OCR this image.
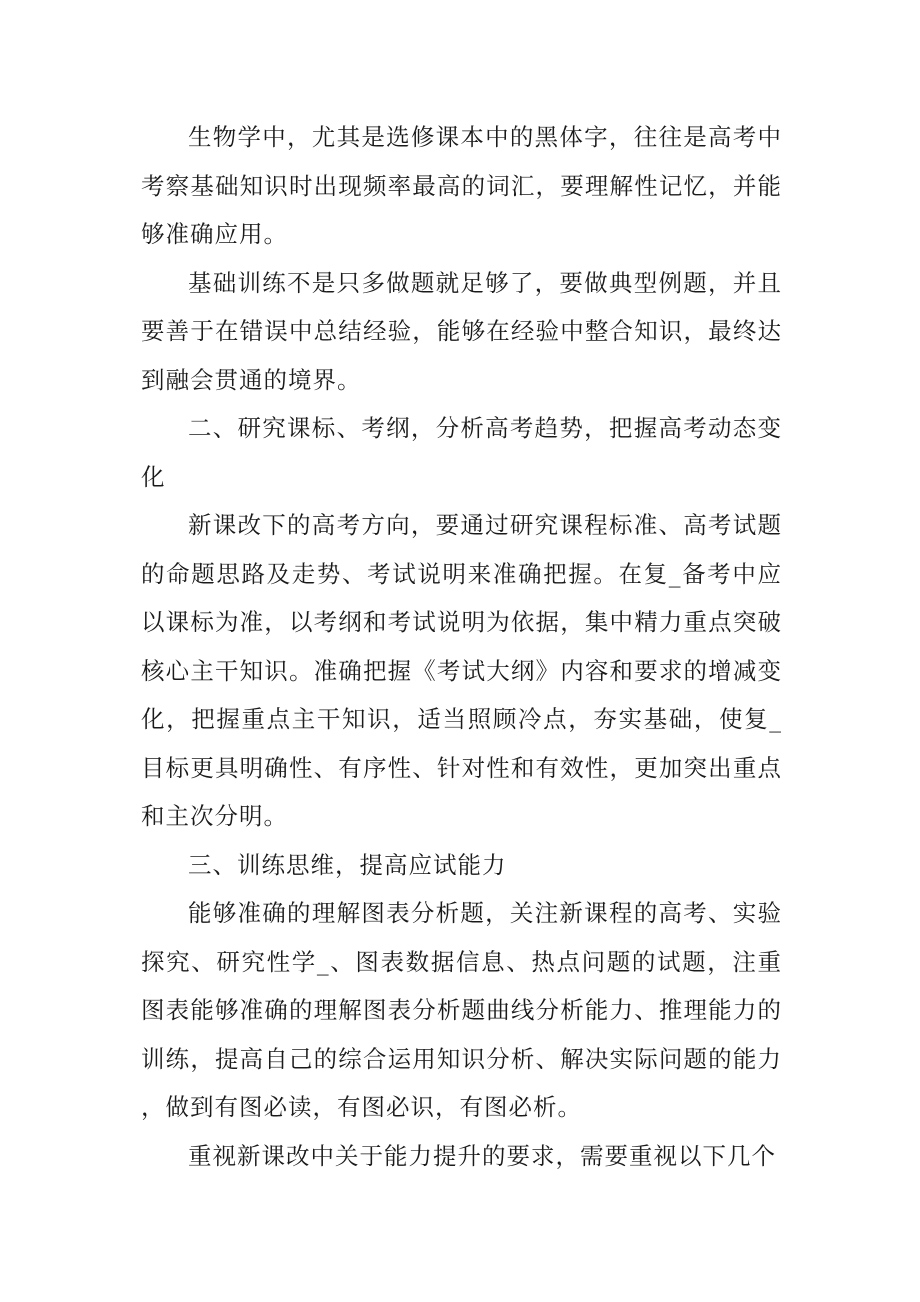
生物学中，尤其是选修课本中的黑体字，往往是高考中考察基础知识时出现频率最高的词汇，要理解性记忆，并能够准确应用。

基础训练不是只多做题就足够了，要做典型例题，并且要善于在错误中总结经验，能够在经验中整合知识，最终达到融会贯通的境界。

二、研究课标、考纲，分析高考趋势，把握高考动态变化

新课改下的高考方向，要通过研究课程标准、高考试题的命题思路及走势、考试说明来准确把握。在复_备考中应以课标为准，以考纲和考试说明为依据，集中精力重点突破核心主干知识。准确把握《考试大纲》内容和要求的增减变化，把握重点主干知识，适当照顾冷点，夯实基础，使复_目标更具明确性、有序性、针对性和有效性，更加突出重点和主次分明。

三、训练思维，提高应试能力

能够准确的理解图表分析题，关注新课程的高考、实验探究、研究性学_、图表数据信息、热点问题的试题，注重图表能够准确的理解图表分析题曲线分析能力、推理能力的训练，提高自己的综合运用知识分析、解决实际问题的能力，做到有图必读，有图必识，有图必析。

重视新课改中关于能力提升的要求，需要重视以下几个
